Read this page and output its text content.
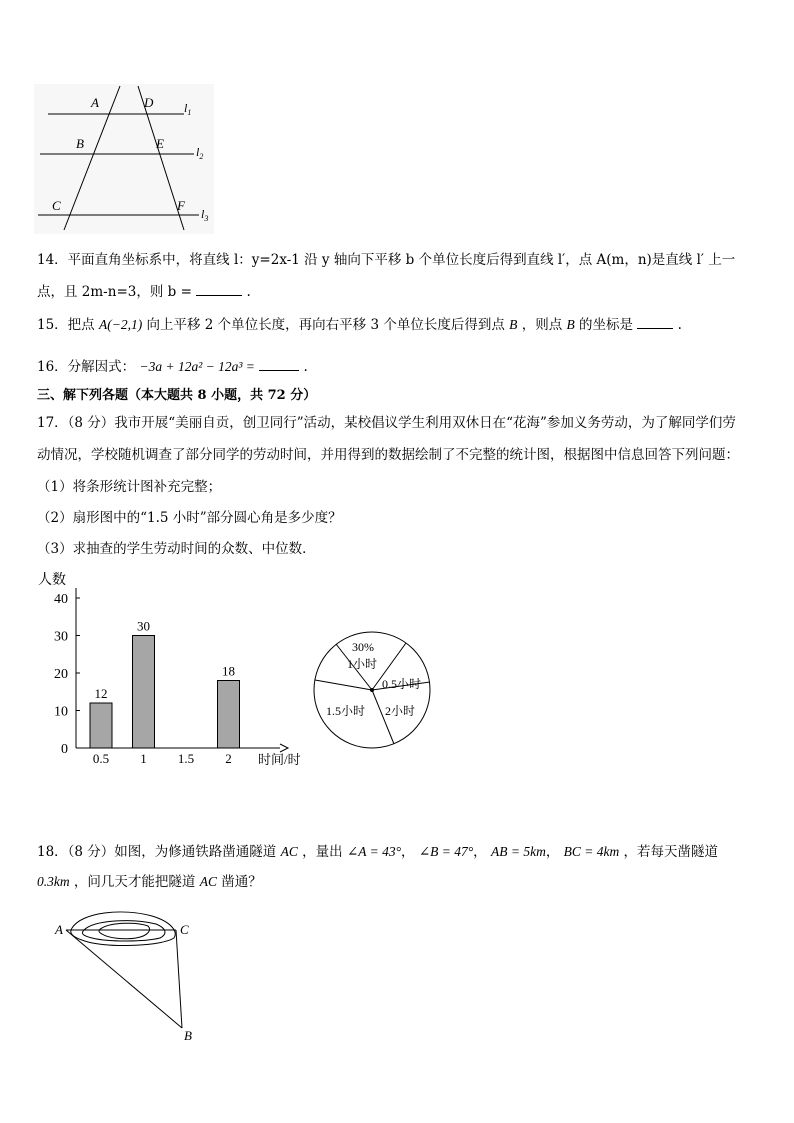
A	D
B	E
C	F
$l_1$
$l_2$
$l_3$
14．平面直角坐标系中，将直线 l：y=2x-1 沿 y 轴向下平移 b 个单位长度后得到直线 l′，点 A(m，n)是直线 l′ 上一
点，且 2m-n=3，则 b =	.
15．把点 A(−2,1) 向上平移 2 个单位长度，再向右平移 3 个单位长度后得到点 B ，则点 B 的坐标是	.
16．分解因式： −3a + 12a² − 12a³ =	.
三、解下列各题（本大题共 8 小题，共 72 分）
17．（8 分）我市开展“美丽自贡，创卫同行”活动，某校倡议学生利用双休日在“花海”参加义务劳动，为了解同学们劳
动情况，学校随机调查了部分同学的劳动时间，并用得到的数据绘制了不完整的统计图，根据图中信息回答下列问题：
（1）将条形统计图补充完整；
（2）扇形图中的“1.5 小时”部分圆心角是多少度？
（3）求抽查的学生劳动时间的众数、中位数．
人数
时间/时
0
10
20
30
40
0.5
12
1
30
1.5 2
18
30%
1小时
0.5小时
2小时
1.5小时
18．（8 分）如图，为修通铁路凿通隧道 AC ，量出 ∠A = 43°， ∠B = 47°， AB = 5km， BC = 4km ，若每天凿隧道
0.3km ，问几天才能把隧道 AC 凿通？
A	C
B
